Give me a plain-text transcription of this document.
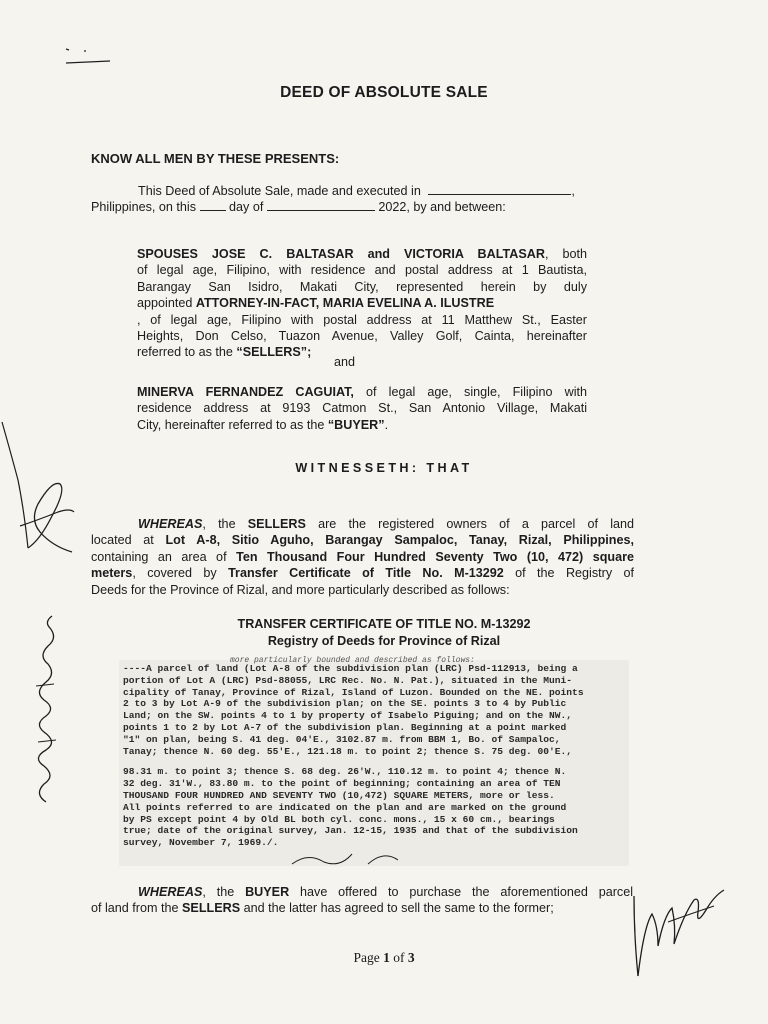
DEED OF ABSOLUTE SALE
KNOW ALL MEN BY THESE PRESENTS:
This Deed of Absolute Sale, made and executed in	,
Philippines, on this	day of	2022, by and between:
SPOUSES JOSE C. BALTASAR and VICTORIA BALTASAR, both
of legal age, Filipino, with residence and postal address at 1 Bautista,
Barangay San Isidro, Makati City, represented herein by duly
appointed ATTORNEY-IN-FACT, MARIA EVELINA A. ILUSTRE
, of legal age, Filipino with postal address at 11 Matthew St., Easter
Heights, Don Celso, Tuazon Avenue, Valley Golf, Cainta, hereinafter
referred to as the “SELLERS”;
and
MINERVA FERNANDEZ CAGUIAT, of legal age, single, Filipino with
residence address at 9193 Catmon St., San Antonio Village, Makati
City, hereinafter referred to as the “BUYER”.
WITNESSETH: THAT
WHEREAS, the SELLERS are the registered owners of a parcel of land
located at Lot A-8, Sitio Aguho, Barangay Sampaloc, Tanay, Rizal, Philippines,
containing an area of Ten Thousand Four Hundred Seventy Two (10, 472) square
meters, covered by Transfer Certificate of Title No. M-13292 of the Registry of
Deeds for the Province of Rizal, and more particularly described as follows:
TRANSFER CERTIFICATE OF TITLE NO. M-13292
Registry of Deeds for Province of Rizal
----A parcel of land (Lot A-8 of the subdivision plan (LRC) Psd-112913, being a
portion of Lot A (LRC) Psd-88055, LRC Rec. No. N. Pat.), situated in the Muni-
cipality of Tanay, Province of Rizal, Island of Luzon. Bounded on the NE. points
2 to 3 by Lot A-9 of the subdivision plan; on the SE. points 3 to 4 by Public
Land; on the SW. points 4 to 1 by property of Isabelo Piguing; and on the NW.,
points 1 to 2 by Lot A-7 of the subdivision plan. Beginning at a point marked
"1" on plan, being S. 41 deg. 04'E., 3102.87 m. from BBM 1, Bo. of Sampaloc,
Tanay; thence N. 60 deg. 55'E., 121.18 m. to point 2; thence S. 75 deg. 00'E.,
98.31 m. to point 3; thence S. 68 deg. 26'W., 110.12 m. to point 4; thence N.
32 deg. 31'W., 83.80 m. to the point of beginning; containing an area of TEN
THOUSAND FOUR HUNDRED AND SEVENTY TWO (10,472) SQUARE METERS, more or less.
All points referred to are indicated on the plan and are marked on the ground
by PS except point 4 by Old BL both cyl. conc. mons., 15 x 60 cm., bearings
true; date of the original survey, Jan. 12-15, 1935 and that of the subdivision
survey, November 7, 1969./.
more particularly bounded and described as follows:
WHEREAS, the BUYER have offered to purchase the aforementioned parcel
of land from the SELLERS and the latter has agreed to sell the same to the former;
Page 1 of 3
